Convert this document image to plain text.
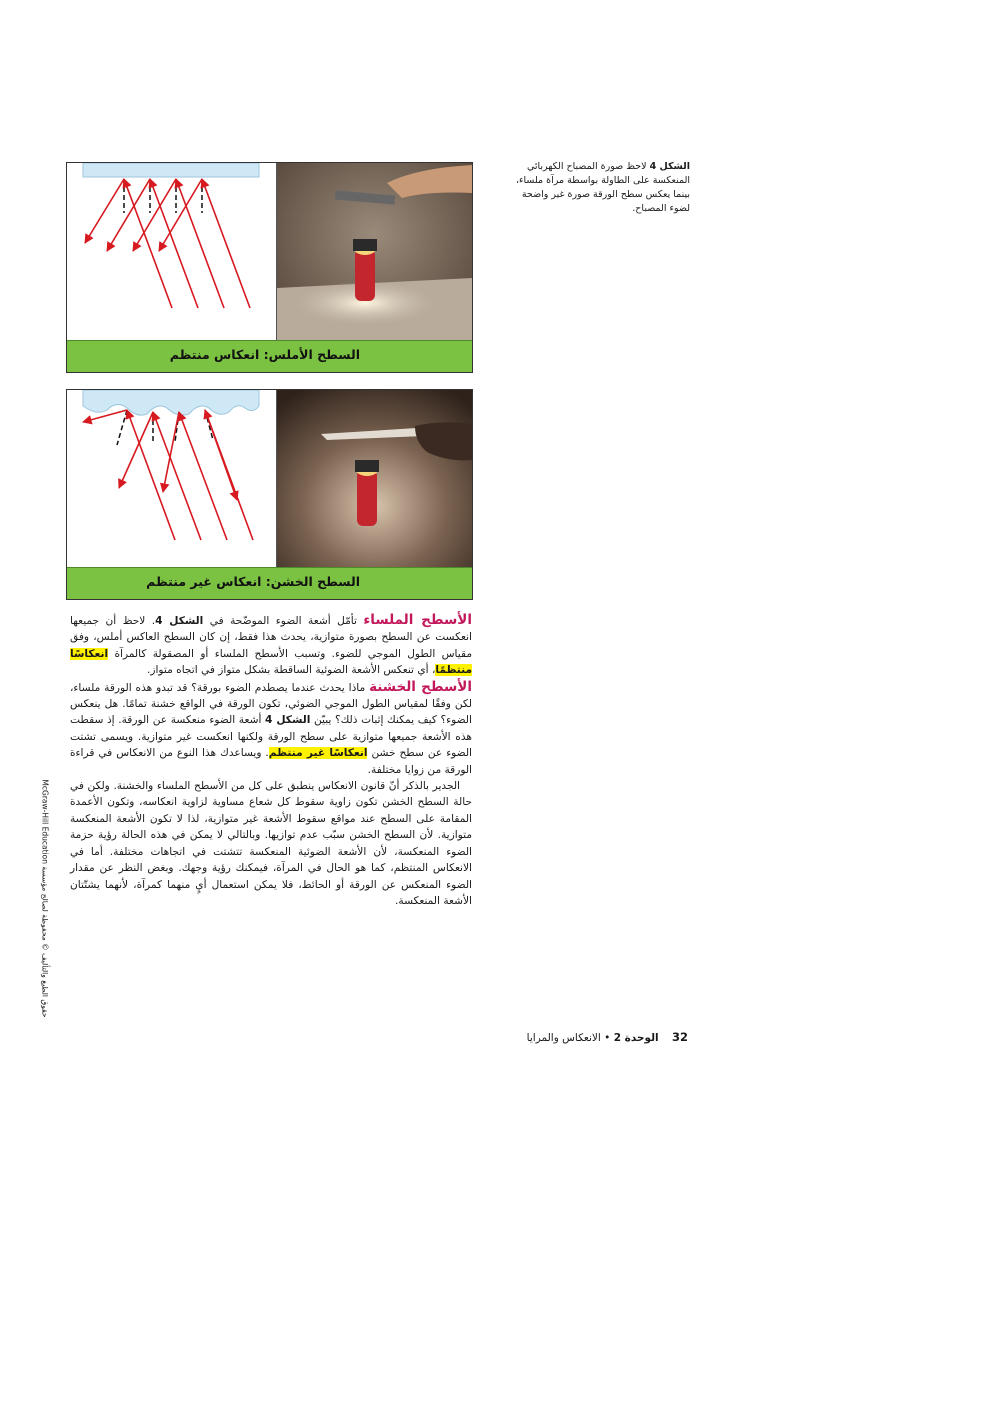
السطح الأملس: انعكاس منتظم
السطح الخشن: انعكاس غير منتظم
الشكل 4 لاحظ صورة المصباح الكهربائي المنعكسة على الطاولة بواسطة مرآة ملساء، بينما يعكس سطح الورقة صورة غير واضحة لضوء المصباح.

الأسطح الملساء تأمّل أشعة الضوء الموضّحة في الشكل 4. لاحظ أن جميعها انعكست عن السطح بصورة متوازية، يحدث هذا فقط، إن كان السطح العاكس أملس، وفق مقياس الطول الموجي للضوء. وتسبب الأسطح الملساء أو المصقولة كالمرآة انعكاسًا منتظمًا، أي تنعكس الأشعة الضوئية الساقطة بشكل متواز في اتجاه متواز.

الأسطح الخشنة ماذا يحدث عندما يصطدم الضوء بورقة؟ قد تبدو هذه الورقة ملساء، لكن وفقًا لمقياس الطول الموجي الضوئي، تكون الورقة في الواقع خشنة تمامًا. هل ينعكس الضوء؟ كيف يمكنك إثبات ذلك؟ يبيّن الشكل 4 أشعة الضوء منعكسة عن الورقة. إذ سقطت هذه الأشعة جميعها متوازية على سطح الورقة ولكنها انعكست غير متوازية. ويسمى تشتت الضوء عن سطح خشن انعكاسًا غير منتظم. ويساعدك هذا النوع من الانعكاس في قراءة الورقة من زوايا مختلفة.

الجدير بالذكر أنّ قانون الانعكاس ينطبق على كل من الأسطح الملساء والخشنة. ولكن في حالة السطح الخشن تكون زاوية سقوط كل شعاع مساوية لزاوية انعكاسه، وتكون الأعمدة المقامة على السطح عند مواقع سقوط الأشعة غير متوازية، لذا لا تكون الأشعة المنعكسة متوازية. لأن السطح الخشن سبّب عدم توازيها. وبالتالي لا يمكن في هذه الحالة رؤية حزمة الضوء المنعكسة، لأن الأشعة الضوئية المنعكسة تتشتت في اتجاهات مختلفة. أما في الانعكاس المنتظم، كما هو الحال في المرآة، فيمكنك رؤية وجهك. وبغض النظر عن مقدار الضوء المنعكس عن الورقة أو الحائط، فلا يمكن استعمال أيٍ منهما كمرآة، لأنهما يشتّتان الأشعة المنعكسة.

حقوق الطبع والتأليف © محفوظة لصالح مؤسسة McGraw-Hill Education
32 الوحدة 2 • الانعكاس والمرايا
